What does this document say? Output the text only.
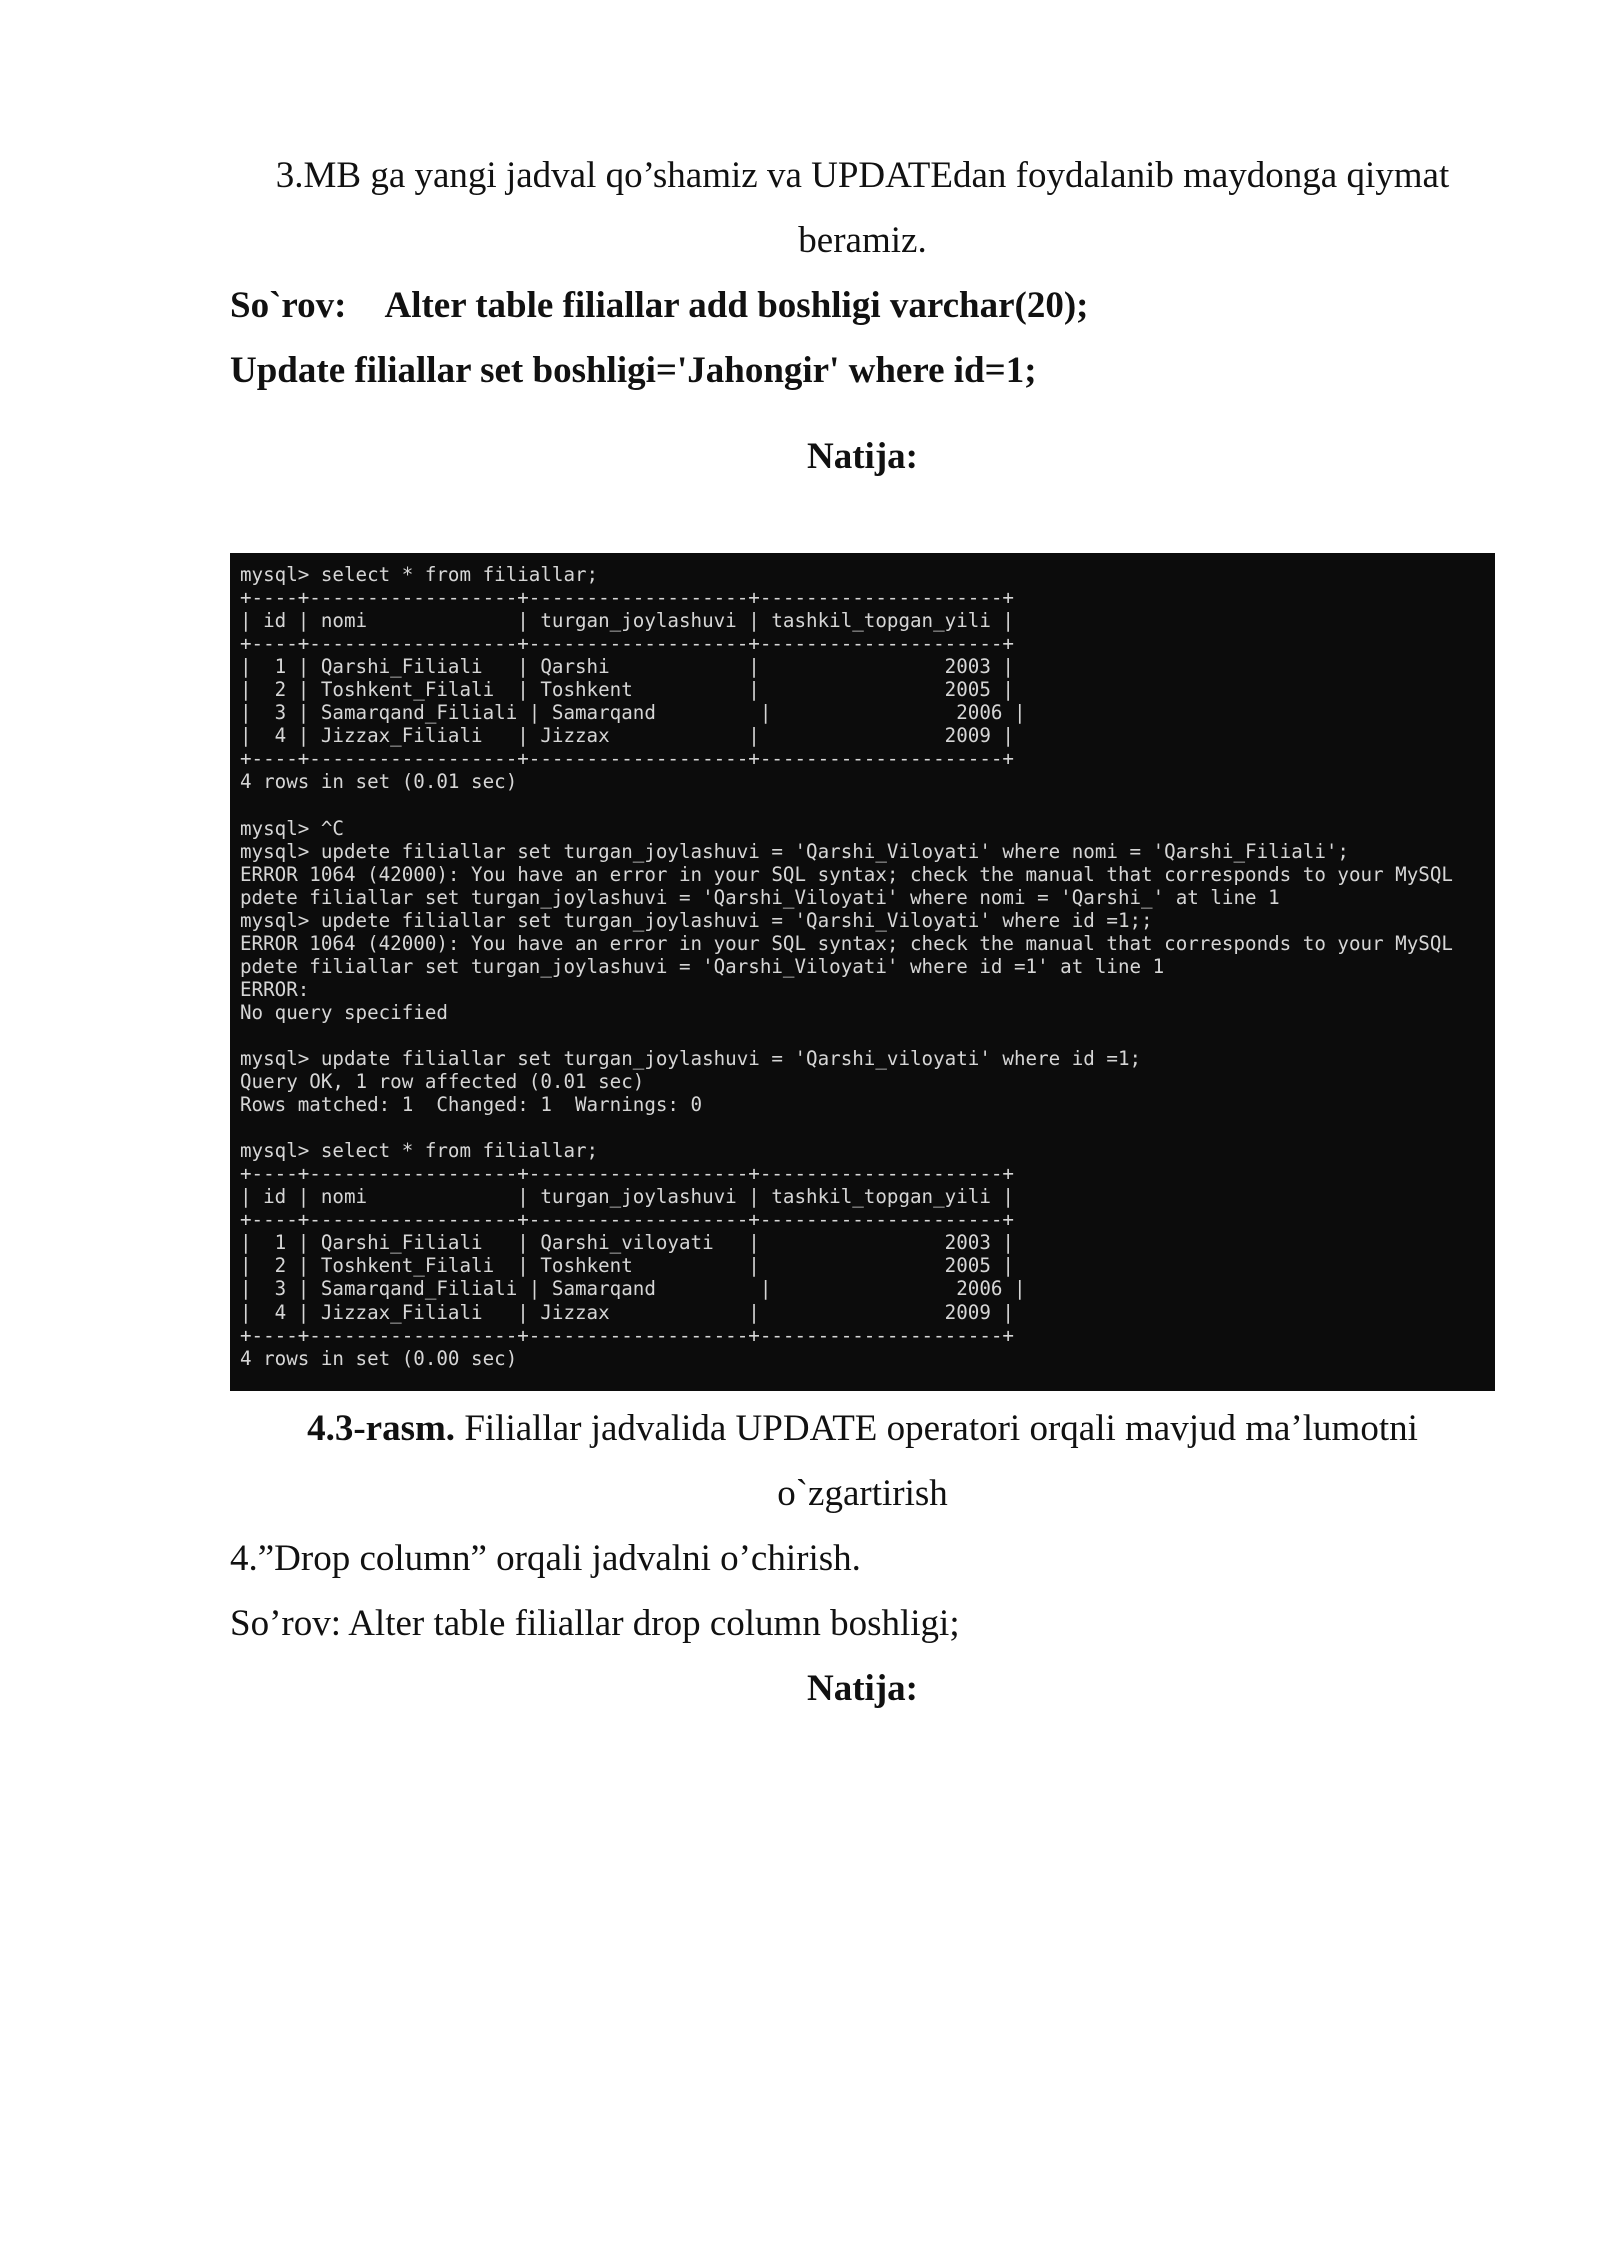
3.MB ga yangi jadval qo’shamiz va UPDATEdan foydalanib maydonga qiymat
beramiz.
So`rov: Alter table filiallar add boshligi varchar(20);
Update filiallar set boshligi='Jahongir' where id=1;
Natija:
mysql> select * from filiallar;
+----+------------------+-------------------+---------------------+
| id | nomi             | turgan_joylashuvi | tashkil_topgan_yili |
+----+------------------+-------------------+---------------------+
|  1 | Qarshi_Filiali   | Qarshi            |                2003 |
|  2 | Toshkent_Filali  | Toshkent          |                2005 |
|  3 | Samarqand_Filiali | Samarqand         |                2006 |
|  4 | Jizzax_Filiali   | Jizzax            |                2009 |
+----+------------------+-------------------+---------------------+
4 rows in set (0.01 sec)

mysql> ^C
mysql> updete filiallar set turgan_joylashuvi = 'Qarshi_Viloyati' where nomi = 'Qarshi_Filiali';
ERROR 1064 (42000): You have an error in your SQL syntax; check the manual that corresponds to your MySQL
pdete filiallar set turgan_joylashuvi = 'Qarshi_Viloyati' where nomi = 'Qarshi_' at line 1
mysql> updete filiallar set turgan_joylashuvi = 'Qarshi_Viloyati' where id =1;;
ERROR 1064 (42000): You have an error in your SQL syntax; check the manual that corresponds to your MySQL
pdete filiallar set turgan_joylashuvi = 'Qarshi_Viloyati' where id =1' at line 1
ERROR:
No query specified

mysql> update filiallar set turgan_joylashuvi = 'Qarshi_viloyati' where id =1;
Query OK, 1 row affected (0.01 sec)
Rows matched: 1  Changed: 1  Warnings: 0

mysql> select * from filiallar;
+----+------------------+-------------------+---------------------+
| id | nomi             | turgan_joylashuvi | tashkil_topgan_yili |
+----+------------------+-------------------+---------------------+
|  1 | Qarshi_Filiali   | Qarshi_viloyati   |                2003 |
|  2 | Toshkent_Filali  | Toshkent          |                2005 |
|  3 | Samarqand_Filiali | Samarqand         |                2006 |
|  4 | Jizzax_Filiali   | Jizzax            |                2009 |
+----+------------------+-------------------+---------------------+
4 rows in set (0.00 sec)
4.3-rasm. Filiallar jadvalida UPDATE operatori orqali mavjud ma’lumotni
o`zgartirish
4.”Drop column” orqali jadvalni o’chirish.
So’rov: Alter table filiallar drop column boshligi;
Natija:
